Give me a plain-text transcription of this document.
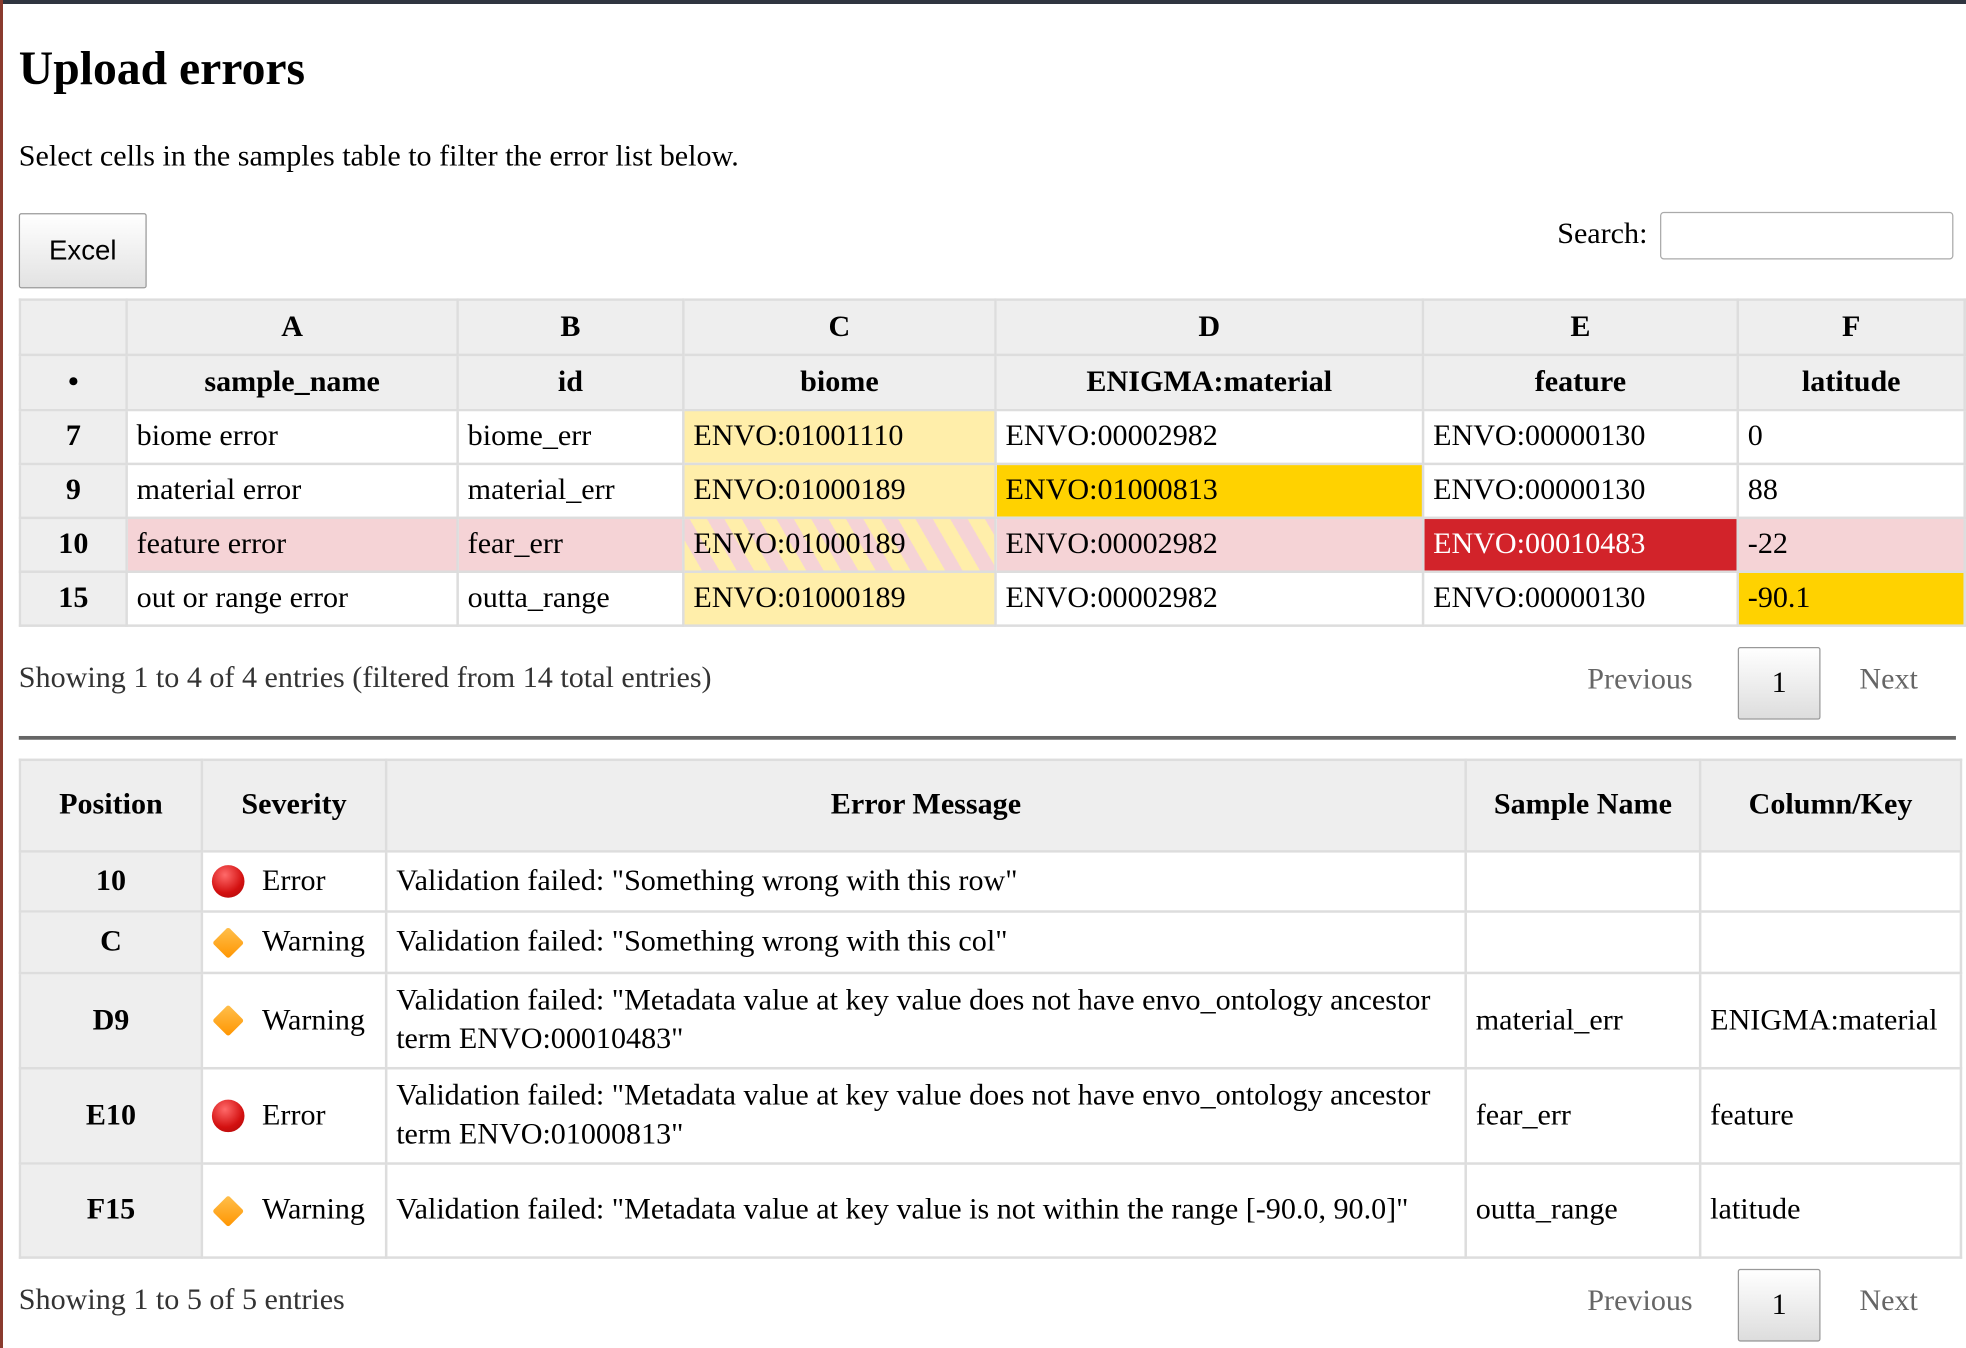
Upload errors
Select cells in the samples table to filter the error list below.
Excel	Search:
	A	B	C	D	E	F
•	sample_name	id	biome	ENIGMA:material	feature	latitude
7	biome error	biome_err	ENVO:01001110	ENVO:00002982	ENVO:00000130	0
9	material error	material_err	ENVO:01000189	ENVO:01000813	ENVO:00000130	88
10	feature error	fear_err	ENVO:01000189	ENVO:00002982	ENVO:00010483	-22
15	out or range error	outta_range	ENVO:01000189	ENVO:00002982	ENVO:00000130	-90.1
Showing 1 to 4 of 4 entries (filtered from 14 total entries)	Previous	1	Next
Position	Severity	Error Message	Sample Name	Column/Key
10	Error	Validation failed: "Something wrong with this row"		
C	Warning	Validation failed: "Something wrong with this col"		
D9	Warning	Validation failed: "Metadata value at key value does not have envo_ontology ancestor term ENVO:00010483"	material_err	ENIGMA:material
E10	Error	Validation failed: "Metadata value at key value does not have envo_ontology ancestor term ENVO:01000813"	fear_err	feature
F15	Warning	Validation failed: "Metadata value at key value is not within the range [-90.0, 90.0]"	outta_range	latitude
Showing 1 to 5 of 5 entries	Previous	1	Next
